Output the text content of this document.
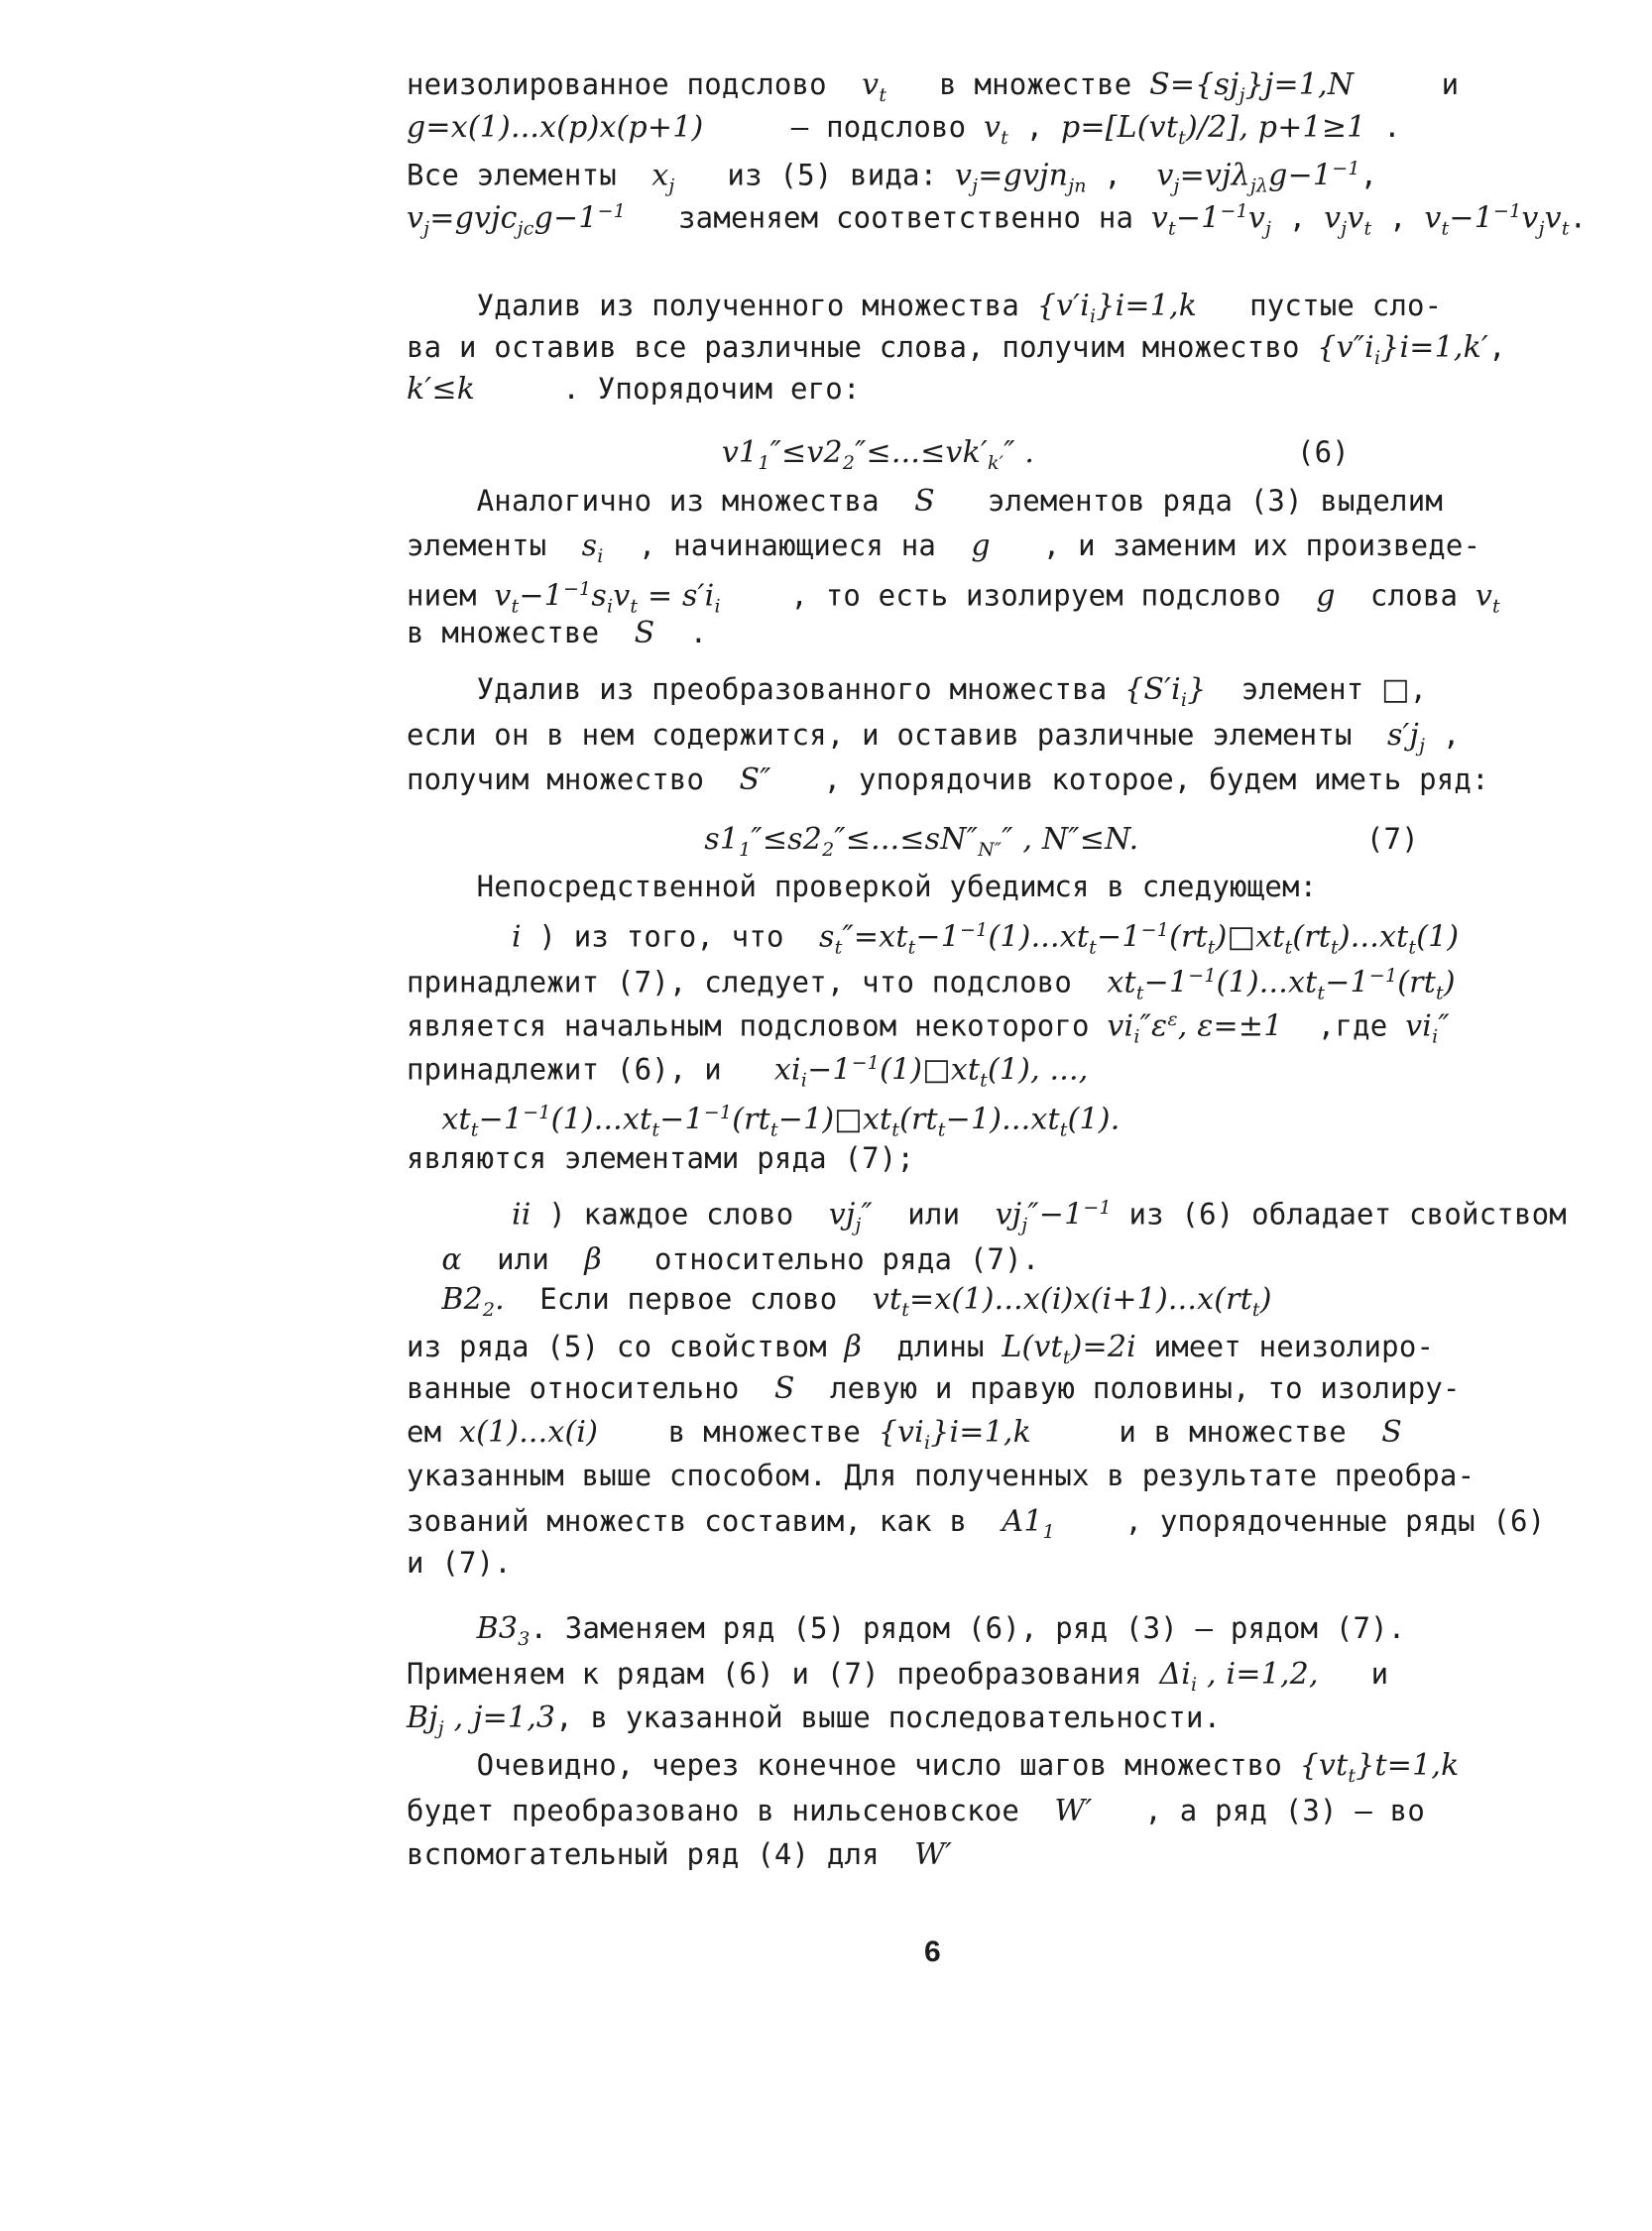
неизолированное подслово  $v_t$   в множестве $S=\{sj_j\}j=1,N$     и

g=x(1)...x(p)x(p+1)     – подслово $v_t$ , $p=[L(vt_t)/2]$, p+1≥1 .

Все элементы  $x_j$   из (5) вида: $v_j=gvjn_{jn}$ ,  $v_j=vj\lambda_{j\lambda}g-1^{-1}$,

$v_j=gvjc_{jc}g-1^{-1}$   заменяем соответственно на $v_t-1^{-1}v_j$ , $v_jv_t$ , $v_t-1^{-1}v_jv_t$.

Удалив из полученного множества $\{v'i_i\}i=1,k$   пустые сло-

ва и оставив все различные слова, получим множество $\{v''i_i\}i=1,k'$,

k′≤k     . Упорядочим его:

$v1_1''\le v2_2''\le...\le vk'_{k'}''$ .               (6)

Аналогично из множества  S   элементов ряда (3) выделим

элементы  $s_i$  , начинающиеся на  g   , и заменим их произведе-

нием $v_t-1^{-1}s_iv_t = s'i_i$    , то есть изолируем подслово  g  слова $v_t$

в множестве  S  .

Удалив из преобразованного множества $\{S'i_i\}$  элемент □,

если он в нем содержится, и оставив различные элементы  $s'j_j$ ,

получим множество  S″   , упорядочив которое, будем иметь ряд:

$s1_1''\le s2_2''\le...\le sN''_{N''}''$ , N″≤N.             (7)

Непосредственной проверкой убедимся в следующем:

i ) из того, что  $s_t''=xt_t-1^{-1}(1)...xt_t-1^{-1}(rt_t)□xt_t(rt_t)...xt_t(1)$

принадлежит (7), следует, что подслово  $xt_t-1^{-1}(1)...xt_t-1^{-1}(rt_t)$

является начальным подсловом некоторого $vi_i''\varepsilon^\varepsilon$, ε=±1  ,где $vi_i''$

принадлежит (6), и   $xi_i-1^{-1}(1)□xt_t(1)$, ...,

$xt_t-1^{-1}(1)...xt_t-1^{-1}(rt_t-1)□xt_t(rt_t-1)...xt_t(1)$.

являются элементами ряда (7);

ii ) каждое слово  $vj_j''$  или  $vj_j''-1^{-1}$ из (6) обладает свойством

α  или  β   относительно ряда (7).

$B2_2$.  Если первое слово  $vt_t=x(1)...x(i)x(i+1)...x(rt_t)$

из ряда (5) со свойством β  длины $L(vt_t)=2i$ имеет неизолиро-

ванные относительно  S  левую и правую половины, то изолиру-

ем x(1)...x(i)    в множестве $\{vi_i\}i=1,k$     и в множестве  S

указанным выше способом. Для полученных в результате преобра-

зований множеств составим, как в  $A1_1$    , упорядоченные ряды (6)

и (7).

$B3_3$. Заменяем ряд (5) рядом (6), ряд (3) – рядом (7).

Применяем к рядам (6) и (7) преобразования $\Delta i_i$ , i=1,2,   и

$Bj_j$ , j=1,3, в указанной выше последовательности.

Очевидно, через конечное число шагов множество $\{vt_t\}t=1,k$

будет преобразовано в нильсеновское  W′   , а ряд (3) – во

вспомогательный ряд (4) для  W′

6
